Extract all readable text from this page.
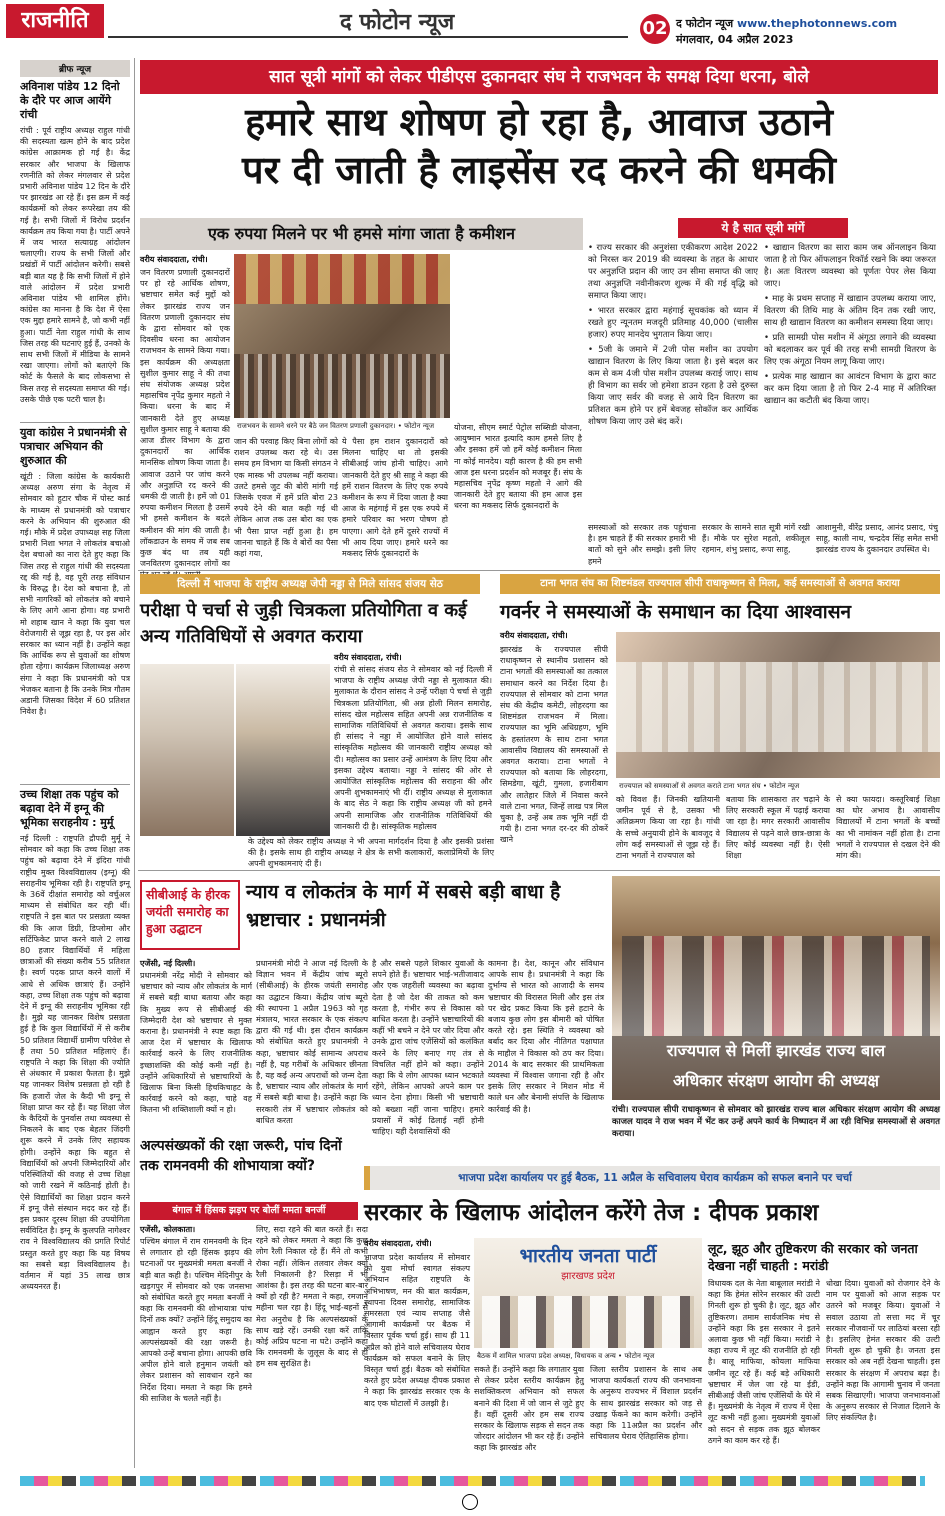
राजनीति	द फोटोन न्यूज	02 द फोटोन न्यूज www.thephotonnews.com
मंगलवार, 04 अप्रैल 2023
ब्रीफ न्यूज
अविनाश पांडेय 12 दिनो के दौरे पर आज आयेंगे रांची
रांची : पूर्व राष्ट्रीय अध्यक्ष राहुल गांधी की सदस्यता खत्म होने के बाद प्रदेश कांग्रेस आक्रामक हो गई है। केंद्र सरकार और भाजपा के खिलाफ रणनीति को लेकर मंगलवार से प्रदेश प्रभारी अविनाश पांडेय 12 दिन के दौरे पर झारखंड आ रहे हैं। इस क्रम में कई कार्यक्रमों को लेकर रूपरेखा तय की गई है। सभी जिलों में विरोध प्रदर्शन कार्यक्रम तय किया गया है। पार्टी अपने में जय भारत सत्याग्रह आंदोलन चलाएगी। राज्य के सभी जिलों और प्रखंडों में पार्टी आंदोलन करेगी। सबसे बड़ी बात यह है कि सभी जिलों में होने वाले आंदोलन में प्रदेश प्रभारी अविनाश पांडेय भी शामिल होंगे। कांग्रेस का मानना है कि देश में ऐसा एक मुद्दा हमारे सामने है, जो कभी नहीं हुआ। पार्टी नेता राहुल गांधी के साथ जिस तरह की घटनाएं हुई हैं, उनको के साथ सभी जिलों में मीडिया के सामने रखा जाएगा। लोगों को बताएंगे कि कोर्ट के फैसले के बाद लोकसभा से किस तरह से सदस्यता समाप्त की गई। उसके पीछे एक पटरी चाल है।
युवा कांग्रेस ने प्रधानमंत्री से पत्राचार अभियान की शुरुआत की
खूंटी : जिला कांग्रेस के कार्यकारी अध्यक्ष अरुण संगा के नेतृत्व में सोमवार को हुटार चौक में पोस्ट कार्ड के माध्यम से प्रधानमंत्री को पत्राचार करने के अभियान की शुरुआत की गई। मौके में प्रदेश उपाध्यक्ष सह जिला प्रभारी निशा भगत ने लोकतंत्र बचाओ देश बचाओ का नारा देते हुए कहा कि जिस तरह से राहुल गांधी की सदस्यता रद्द की गई है, वह पूरी तरह संविधान के विरुद्ध है। देश को बचाना है, तो सभी नागरिकों को लोकतंत्र को बचाने के लिए आगे आना होगा। वह प्रभारी मो शहाब खान ने कहा कि युवा चल वेरोजगारी से जूझ रहा है, पर इस ओर सरकार का ध्यान नहीं है। उन्होंने कहा कि आर्थिक रूप से युवाओं का शोषण होता रहेगा। कार्यक्रम जिलाध्यक्ष अरुण संगा ने कहा कि प्रधानमंत्री को पत्र भेजकर बताना है कि उनके मित्र गौतम अडानी जिसका विदेश में 60 प्रतिशत निवेश है।
उच्च शिक्षा तक पहुंच को बढ़ावा देने में इग्नू की भूमिका सराहनीय : मुर्मू
नई दिल्ली : राष्ट्रपति द्रौपदी मुर्मू ने सोमवार को कहा कि उच्च शिक्षा तक पहुंच को बढ़ावा देने में इंदिरा गांधी राष्ट्रीय मुक्त विश्वविद्यालय (इग्नू) की सराहनीय भूमिका रही है। राष्ट्रपति इग्नू के 36वें दीक्षांत समारोह को वर्चुअल माध्यम से संबोधित कर रही थीं। राष्ट्रपति ने इस बात पर प्रसन्नता व्यक्त की कि आज डिग्री, डिप्लोमा और सर्टिफिकेट प्राप्त करने वाले 2 लाख 80 हजार विद्यार्थियों में महिला छात्राओं की संख्या करीब 55 प्रतिशत है। स्वर्ण पदक प्राप्त करने वालों में आधे से अधिक छात्राएं हैं। उन्होंने कहा, उच्च शिक्षा तक पहुंच को बढ़ावा देने में इग्नू की सराहनीय भूमिका रही है। मुझे यह जानकर विशेष प्रसन्नता हुई है कि कुल विद्यार्थियों में से करीब 50 प्रतिशत विद्यार्थी ग्रामीण परिवेश से हैं तथा 50 प्रतिशत महिलाएं हैं। राष्ट्रपति ने कहा कि शिक्षा की ज्योति से अंधकार में प्रकाश फैलता है। मुझे यह जानकर विशेष प्रसन्नता हो रही है कि हजारों जेल के कैदी भी इग्नू से शिक्षा प्राप्त कर रहे हैं। यह शिक्षा जेल के कैदियों के पुनर्वास तथा व्यवस्था से निकलने के बाद एक बेहतर जिंदगी शुरू करने में उनके लिए सहायक होगी। उन्होंने कहा कि बहुत से विद्यार्थियों को अपनी जिम्मेदारियों और परिस्थितियों की वजह से उच्च शिक्षा को जारी रखने में कठिनाई होती है। ऐसे विद्यार्थियों का शिक्षा प्रदान करने में इग्नू जैसे संस्थान मदद कर रहे हैं। इस प्रकार दूरस्थ शिक्षा की उपयोगिता सर्वविदित है। इग्नू के कुलपति नागेश्वर राव ने विश्वविद्यालय की प्रगति रिपोर्ट प्रस्तुत करते हुए कहा कि यह विषय का सबसे बड़ा विश्वविद्यालय है। वर्तमान में यहां 35 लाख छात्र अध्ययनरत हैं।
सात सूत्री मांगों को लेकर पीडीएस दुकानदार संघ ने राजभवन के समक्ष दिया धरना, बोले
हमारे साथ शोषण हो रहा है, आवाज उठाने
पर दी जाती है लाइसेंस रद करने की धमकी
एक रुपया मिलने पर भी हमसे मांगा जाता है कमीशन
वरीय संवाददाता, रांची।
जन वितरण प्रणाली दुकानदारों पर हो रहे आर्थिक शोषण, भ्रष्टाचार समेत कई मुद्दों को लेकर झारखंड राज्य जन वितरण प्रणाली दुकानदार संघ के द्वारा सोमवार को एक दिवसीय धरना का आयोजन राजभवन के सामने किया गया। इस कार्यक्रम की अध्यक्षता सुशील कुमार साहू ने की तथा संघ संयोजक अध्यक्ष प्रदेश महासचिव नृपेंद्र कुमार महतो ने किया। धरना के बाद में जानकारी देते हुए अध्यक्ष सुशील कुमार साहू ने बताया की आज डीलर विभाग के द्वारा दुकानदारों का आर्थिक मानसिक शोषण किया जाता है। आवाज उठाने पर जांच करने और अनुज्ञप्ति रद करने की धमकी दी जाती है। हमें जो 01 रुपया कमीशन मिलता है उसमें भी हमसे कमीशन के बदले कमीशन की मांग की जाती है। लॉकडाउन के समय में जब सब कुछ बंद था तब यही जनवितरण दुकानदार लोगों का
राजभवन के सामने धरने पर बैठे जन वितरण प्रणाली दुकानदार। • फोटोन न्यूज
जान की परवाह किए बिना लोगों को राशन उपलब्ध करा रहे थे। उस समय हम विभाग या किसी संगठन ने एक मास्क भी उपलब्ध नहीं कराया। उलटे हमसे जुट की बोरी मांगी गई जिसके एवज में हमें प्रति बोरा 23 रुपये देने की बात कही गई थी लेकिन आज तक उस बोरा का एक भी पैसा प्राप्त नहीं हुआ है। हम जानना चाहते हैं कि वे बोरों का पैसा कहां गया,
ये पैसा हम राशन दुकानदारों को मिलना चाहिए था तो इसकी सीबीआई जांच होनी चाहिए। आगे जानकारी देते हुए श्री साहू ने कहा की हमें राशन वितरण के लिए एक रुपये कमीशन के रूप में दिया जाता है क्या आज के महंगाई में इस एक रुपये में हमारे परिवार का भरण पोषण हो पाएगा। आगे देते हमें दूसरे राज्यों में भी आय दिया जाए। हमारे धरने का मकसद सिर्फ दुकानदारों के
योजना, सीएम स्मार्ट पेट्रोल सब्सिडी योजना, आयुष्मान भारत इत्यादि काम हमसे लिए है और इसका हमें जो हमें कोई कमीशन मिला ना कोई मानदेय। यही कारण है की हम सभी आज इस धरना प्रदर्शन को मजबूर हैं। संघ के महासचिव नृपेंद्र कृष्ण महतो ने आगे की जानकारी देते हुए बताया की हम आज इस धरना का मकसद सिर्फ दुकानदारों के
ये है सात सूत्री मांगें
• राज्य सरकार की अनुशंसा एकीकरण आदेश 2022 को निरस्त कर 2019 की व्यवस्था के तहत के आधार पर अनुज्ञप्ति प्रदान की जाए उन सीमा समाप्त की जाए तथा अनुज्ञप्ति नवीनीकरण शुल्क में की गई वृद्धि को समाप्त किया जाए।
• भारत सरकार द्वारा महंगाई सूचकांक को ध्यान में रखते हुए न्यूनतम मजदूरी प्रतिमाह 40,000 (चालीस हजार) रुपए मानदेय भुगतान किया जाए।
• 5जी के जमाने में 2जी पोस मशीन का उपयोग खाद्यान वितरण के लिए किया जाता है। इसे बदल कर कम से कम 4जी पोस मशीन उपलब्ध कराई जाए। साथ ही विभाग का सर्वर जो हमेशा डाउन रहता है उसे दुरुस्त किया जाए सर्वर की वजह से आये दिन वितरण का प्रतिशत कम होने पर हमें बेवजह सोकॉज कर आर्थिक शोषण किया जाए उसे बंद करें।
• खाद्यान वितरण का सारा काम जब ऑनलाइन किया जाता है तो फिर ऑफलाइन रिकॉर्ड रखने कि क्या जरूरत है। अतः वितरण व्यवस्था को पूर्णतः पेपर लेस किया जाए।
• माह के प्रथम सप्ताह में खाद्यान उपलब्ध कराया जाए, वितरण की तिथि माह के अंतिम दिन तक रखी जाए, साथ ही खाद्यान वितरण का कमीशन समस्या दिया जाए।
• प्रति सामग्री पोस मशीन में अंगूठा लगाने की व्यवस्था को बदलाकर कर पूर्व की तरह सभी सामग्री वितरण के लिए एक अंगूठा नियम लागू किया जाए।
• प्रत्येक माह खाद्यान का आवंटन विभाग के द्वारा काट कर कम दिया जाता है तो फिर 2-4 माह में अतिरिक्त खाद्यान का कटौती बंद किया जाए।
समस्याओं को सरकार तक पहुंचाना है। हम चाहते हैं की सरकार हमारी भी बातों को सुने और समझे। इसी लिए हमने
सरकार के सामने सात सूत्री मांगें रखी हैं। मौके पर सुरेश महतो, शकीलूल रहमान, शंभु प्रसाद, रूपा साहू,
आशामुनी, वीरेंद्र प्रसाद, आनंद प्रसाद, पंचु साहू, काली नाथ, चन्द्रदेव सिंह समेत सभी झारखंड राज्य के दुकानदार उपस्थित थे।
दिल्ली में भाजपा के राष्ट्रीय अध्यक्ष जेपी नड्डा से मिले सांसद संजय सेठ
परीक्षा पे चर्चा से जुड़ी चित्रकला प्रतियोगिता व कई अन्य गतिविधियों से अवगत कराया
वरीय संवाददाता, रांची।
रांची से सांसद संजय सेठ ने सोमवार को नई दिल्ली में भाजपा के राष्ट्रीय अध्यक्ष जेपी नड्डा से मुलाकात की। मुलाकात के दौरान सांसद ने उन्हें परीक्षा पे चर्चा से जुड़ी चित्रकला प्रतियोगिता, श्री अन्न होली मिलन समारोह, सांसद खेल महोत्सव सहित अपनी अन्न राजनीतिक व सामाजिक गतिविधियों से अवगत कराया। इसके साथ ही सांसद ने नड्डा में आयोजित होने वाले सांसद सांस्कृतिक महोत्सव की जानकारी राष्ट्रीय अध्यक्ष को दी। महोत्सव का प्रसार उन्हें आमंत्रण के लिए दिया और इसका उद्देश्य बताया। नड्डा ने सांसद की ओर से आयोजित सांस्कृतिक महोत्सव की सराहना की और अपनी शुभकामनाएं भी दीं। राष्ट्रीय अध्यक्ष से मुलाकात के बाद सेठ ने कहा कि राष्ट्रीय अध्यक्ष जी को हमने अपनी सामाजिक और राजनीतिक गतिविधियों की जानकारी दी है। सांस्कृतिक महोत्सव
के उद्देश्य को लेकर राष्ट्रीय अध्यक्ष ने भी अपना मार्गदर्शन दिया है और इसकी प्रशंसा की है। इसके साथ ही राष्ट्रीय अध्यक्ष ने क्षेत्र के सभी कलाकारों, कलाप्रेमियों के लिए अपनी शुभकामनाएं दी हैं।
टाना भगत संघ का शिष्टमंडल राज्यपाल सीपी राधाकृष्णन से मिला, कई समस्याओं से अवगत कराया
गवर्नर ने समस्याओं के समाधान का दिया आश्वासन
वरीय संवाददाता, रांची।
झारखंड के राज्यपाल सीपी राधाकृष्णन से स्थानीय प्रशासन को टाना भगतों की समस्याओं का तत्काल समाधान करने का निर्देश दिया है। राज्यपाल से सोमवार को टाना भगत संघ की केंद्रीय कमेटी, लोहरदगा का शिष्टमंडल राजभवन में मिला। राज्यपाल का भूमि अधिग्रहण, भूमि के हस्तांतरण के साथ टाना भगत आवासीय विद्यालय की समस्याओं से अवगत कराया। टाना भगतों ने राज्यपाल को बताया कि लोहरदगा, सिमडेगा, खूंटी, गुमला, हजारीबाग और लातेहार जिले में निवास करने वाले टाना भगत, जिन्हें लाख पत्र मिल चुका है, उन्हें अब तक भूमि नहीं दी गयी है। टाना भगत दर-दर की ठोकरें खाने
राज्यपाल को समस्याओं से अवगत कराते टाना भगत संघ • फोटोन न्यूज
को विवश हैं। जिनकी खतियानी जमीन पूर्व से है, उसका भी अतिक्रमण किया जा रहा है। गांधी के सच्चे अनुयायी होने के बावजूद वे लोग कई समस्याओं से जूझ रहे हैं। टाना भगतों ने राज्यपाल को
बताया कि शासकारा तर चढ़ाने के लिए सरकारी स्कूल में पढ़ाई कराया जा रहा है। मगर सरकारी आवासीय विद्यालय से पढ़ने वाले छात्र-छात्रा के लिए कोई व्यवस्था नहीं है। ऐसी शिक्षा
से क्या फायदा। कस्तूरिबाई शिक्षा का घोर अभाव है। आवासीय विद्यालयों में टाना भगतों के बच्चों का भी नामांकन नहीं होता है। टाना भगतों ने राज्यपाल से दखल देने की मांग की।
सीबीआई के हीरक जयंती समारोह का हुआ उद्घाटन
न्याय व लोकतंत्र के मार्ग में सबसे बड़ी बाधा है भ्रष्टाचार : प्रधानमंत्री
एजेंसी, नई दिल्ली।
प्रधानमंत्री नरेंद्र मोदी ने सोमवार को भ्रष्टाचार को न्याय और लोकतंत्र के मार्ग में सबसे बड़ी बाधा बताया और कहा कि मुख्य रूप से सीबीआई की जिम्मेदारी देश को भ्रष्टाचार से मुक्त कराना है। प्रधानमंत्री ने स्पष्ट कहा कि आज देश में भ्रष्टाचार के खिलाफ कार्रवाई करने के लिए राजनीतिक इच्छाशक्ति की कोई कमी नहीं है। उन्होंने अधिकारियों से भ्रष्टाचारियों के खिलाफ बिना किसी हिचकिचाहट के कार्रवाई करने को कहा, चाहे वह कितना भी शक्तिशाली क्यों न हो।
प्रधानमंत्री मोदी ने आज नई दिल्ली के विज्ञान भवन में केंद्रीय जांच ब्यूरो (सीबीआई) के हीरक जयंती समारोह का उद्घाटन किया। केंद्रीय जांच ब्यूरो की स्थापना 1 अप्रैल 1963 को गृह मंत्रालय, भारत सरकार के एक संकल्प द्वारा की गई थी। इस दौरान कार्यक्रम को संबोधित करते हुए प्रधानमंत्री ने कहा, भ्रष्टाचार कोई सामान्य अपराध नहीं है, यह गरीबों के अधिकार छीनता है, यह कई अन्य अपराधों को जन्म देता है, भ्रष्टाचार न्याय और लोकतंत्र के मार्ग में सबसे बड़ी बाधा है। उन्होंने कहा कि सरकारी तंत्र में भ्रष्टाचार लोकतंत्र को बाधित करता
है और सबसे पहले शिकार युवाओं के सपने होते हैं। भ्रष्टाचार भाई-भतीजावाद और एक जहरीली व्यवस्था का बढ़ावा देता है जो देश की ताकत को कम करता है, गंभीर रूप से विकास को बाधित करता है। उन्होंने भ्रष्टाचारियों की कहीं भी बचने न देने पर जोर दिया और उनके द्वारा जांच एजेंसियों को कलंकित करने के लिए बनाए गए तंत्र से विचलित नहीं होने को कहा। उन्होंने कहा कि ये लोग आपका ध्यान भटकाते रहेंगे, लेकिन आपको अपने काम पर ध्यान देना होगा। किसी भी भ्रष्टाचारी को बख्शा नहीं जाना चाहिए। हमारे प्रयासों में कोई ढिलाई नहीं होनी चाहिए। यही देशवासियों की
कामना है। देश, कानून और संविधान आपके साथ है। प्रधानमंत्री ने कहा कि दुर्भाग्य से भारत को आजादी के समय भ्रष्टाचार की विरासत मिली और इस तंत्र पर खेद प्रकट किया कि इसे हटाने के बजाय कुछ लोग इस बीमारी को पोषित करते रहे। इस स्थिति ने व्यवस्था को बर्बाद कर दिया और नीतिगत पक्षाघात के माहौल ने विकास को ठप कर दिया। 2014 के बाद सरकार की प्राथमिकता व्यवस्था में विश्वास जगाना रही है और इसके लिए सरकार ने मिशन मोड में काले धन और बेनामी संपत्ति के खिलाफ कार्रवाई की है।
राज्यपाल से मिलीं झारखंड राज्य बाल
अधिकार संरक्षण आयोग की अध्यक्ष
रांची। राज्यपाल सीपी राधाकृष्णन से सोमवार को झारखंड राज्य बाल अधिकार संरक्षण आयोग की अध्यक्ष काजल यादव ने राज भवन में भेंट कर उन्हें अपने कार्य के निष्पादन में आ रही विभिन्न समस्याओं से अवगत कराया।
अल्पसंख्यकों की रक्षा जरूरी, पांच दिनों तक रामनवमी की शोभायात्रा क्यों?
बंगाल में हिंसक झड़प पर बोलीं ममता बनर्जी
एजेंसी, कोलकाता।
पश्चिम बंगाल में राम रामनवमी के दिन से लगातार हो रही हिंसक झड़प की घटनाओं पर मुख्यमंत्री ममता बनर्जी ने बड़ी बात कही है। पश्चिम मेदिनीपुर के खड़गपुर में सोमवार को एक जनसभा को संबोधित करते हुए ममता बनर्जी ने कहा कि रामनवमी की शोभायात्रा पांच दिनों तक क्यों? उन्होंने हिंदू समुदाय का आह्वान करते हुए कहा कि अल्पसंख्यकों की रक्षा जरूरी है। आपको उन्हें बचाना होगा। आपकी छवि अपील होने वाले हनुमान जयंती को लेकर प्रशासन को सावधान रहने का निर्देश दिया। ममता ने कहा कि हमने की साजिश के चलते नहीं है।
लिए, सदा रहने की बात करते हैं। सदा रहने को लेकर ममता ने कहा कि कुछ लोग रैली निकाल रहे हैं। मैंने तो कभी रोका नहीं। लेकिन तलवार लेकर क्यों रैली निकालनी है? रिसड़ा में भी आशंका है। इस तरह की घटना बार-बार क्यों हो रही है? ममता ने कहा, रमजान महीना चल रहा है। हिंदू भाई-बहनों से मेरा अनुरोध है कि अल्पसंख्यकों के साथ खड़े रहें। उनकी रक्षा करें ताकि कोई अप्रिय घटना ना घटे। उन्होंने कहा कि रामनवमी के जुलूस के बाद से ही हम सब सुरक्षित है।
भाजपा प्रदेश कार्यालय पर हुई बैठक, 11 अप्रैल के सचिवालय घेराव कार्यक्रम को सफल बनाने पर चर्चा
सरकार के खिलाफ आंदोलन करेंगे तेज : दीपक प्रकाश
वरीय संवाददाता, रांची।
भारतीय जनता पार्टी
झारखण्ड प्रदेश
बैठक में शामिल भाजपा प्रदेश अध्यक्ष, विधायक व अन्य • फोटोन न्यूज
भाजपा प्रदेश कार्यालय में सोमवार को युवा मोर्चा स्वागत संकल्प अभियान सहित राष्ट्रपति के अभिभाषण, मन की बात कार्यक्रम, स्थापना दिवस समारोह, सामाजिक समरसता एवं न्याय सप्ताह जैसे आगामी कार्यक्रमों पर बैठक में विस्तार पूर्वक चर्चा हुई। साथ ही 11 अप्रैल को होने वाले सचिवालय घेराव कार्यक्रम को सफल बनाने के लिए विस्तृत चर्चा हुई। बैठक को संबोधित करते हुए प्रदेश अध्यक्ष दीपक प्रकाश ने कहा कि झारखंड सरकार एक के बाद एक घोटालों में उलझी है।
सकते हैं। उन्होंने कहा कि लगातार युवा से लेकर प्रदेश स्तरीय कार्यक्रम हेतु सशक्तिकरण अभियान को सफल बनाने की दिशा में जो जान से जुटे हुए हैं। वहीं दूसरी ओर हम सब राज्य सरकार के खिलाफ सड़क से सदन तक जोरदार आंदोलन भी कर रहे हैं। उन्होंने कहा कि झारखंड और
जिला स्तरीय प्रशासन के साथ अब भाजपा कार्यकर्ता राज्य की जनभावना के अनुरूप राज्यभर में विशाल प्रदर्शन के साथ झारखंड सरकार को जड़ से उखाड़ फेंकने का काम करेगी। उन्होंने कहा कि 11अप्रैल का प्रदर्शन और सचिवालय घेराव ऐतिहासिक होगा।
लूट, झूठ और तुष्टिकरण की सरकार को जनता देखना नहीं चाहती : मरांडी
विधायक दल के नेता बाबूलाल मरांडी ने कहा कि हेमंत सोरेन सरकार की उल्टी गिनती शुरू हो चुकी है। लूट, झूठ और तुष्टिकरण। तमाम सार्वजनिक मंच से उन्होंने कहा कि इस सरकार ने इतने अलावा कुछ भी नहीं किया। मरांडी ने कहा राज्य में लूट की राजनीति हो रही है। बालू माफिया, कोयला माफिया जमीन लूट रहे हैं। कई बड़े अधिकारी भ्रष्टाचार में जेल जा रहे या ईडी, सीबीआई जैसी जांच एजेंसियों के घेरे में हैं। मुख्यमंत्री के नेतृत्व में राज्य में ऐसा लूट कभी नहीं हुआ। मुख्यमंत्री युवाओं को सदन से सड़क तक झूठ बोलकर ठगने का काम कर रहे हैं।
धोखा दिया। युवाओं को रोजगार देने के नाम पर युवाओं को आज सड़क पर उतरने को मजबूर किया। युवाओं ने सवाल उठाया तो सत्ता मद में चूर सरकार नौजवानों पर लाठियां बरसा रही है। इसलिए हेमंत सरकार की उल्टी गिनती शुरू हो चुकी है। जनता इस सरकार को अब नहीं देखना चाहती। इस सरकार के संरक्षण में अपराध बढ़ा है। उन्होंने कहा कि आगामी चुनाव में जनता सबक सिखाएगी। भाजपा जनभावनाओं के अनुरूप सरकार से निजात दिलाने के लिए संकल्पित है।
